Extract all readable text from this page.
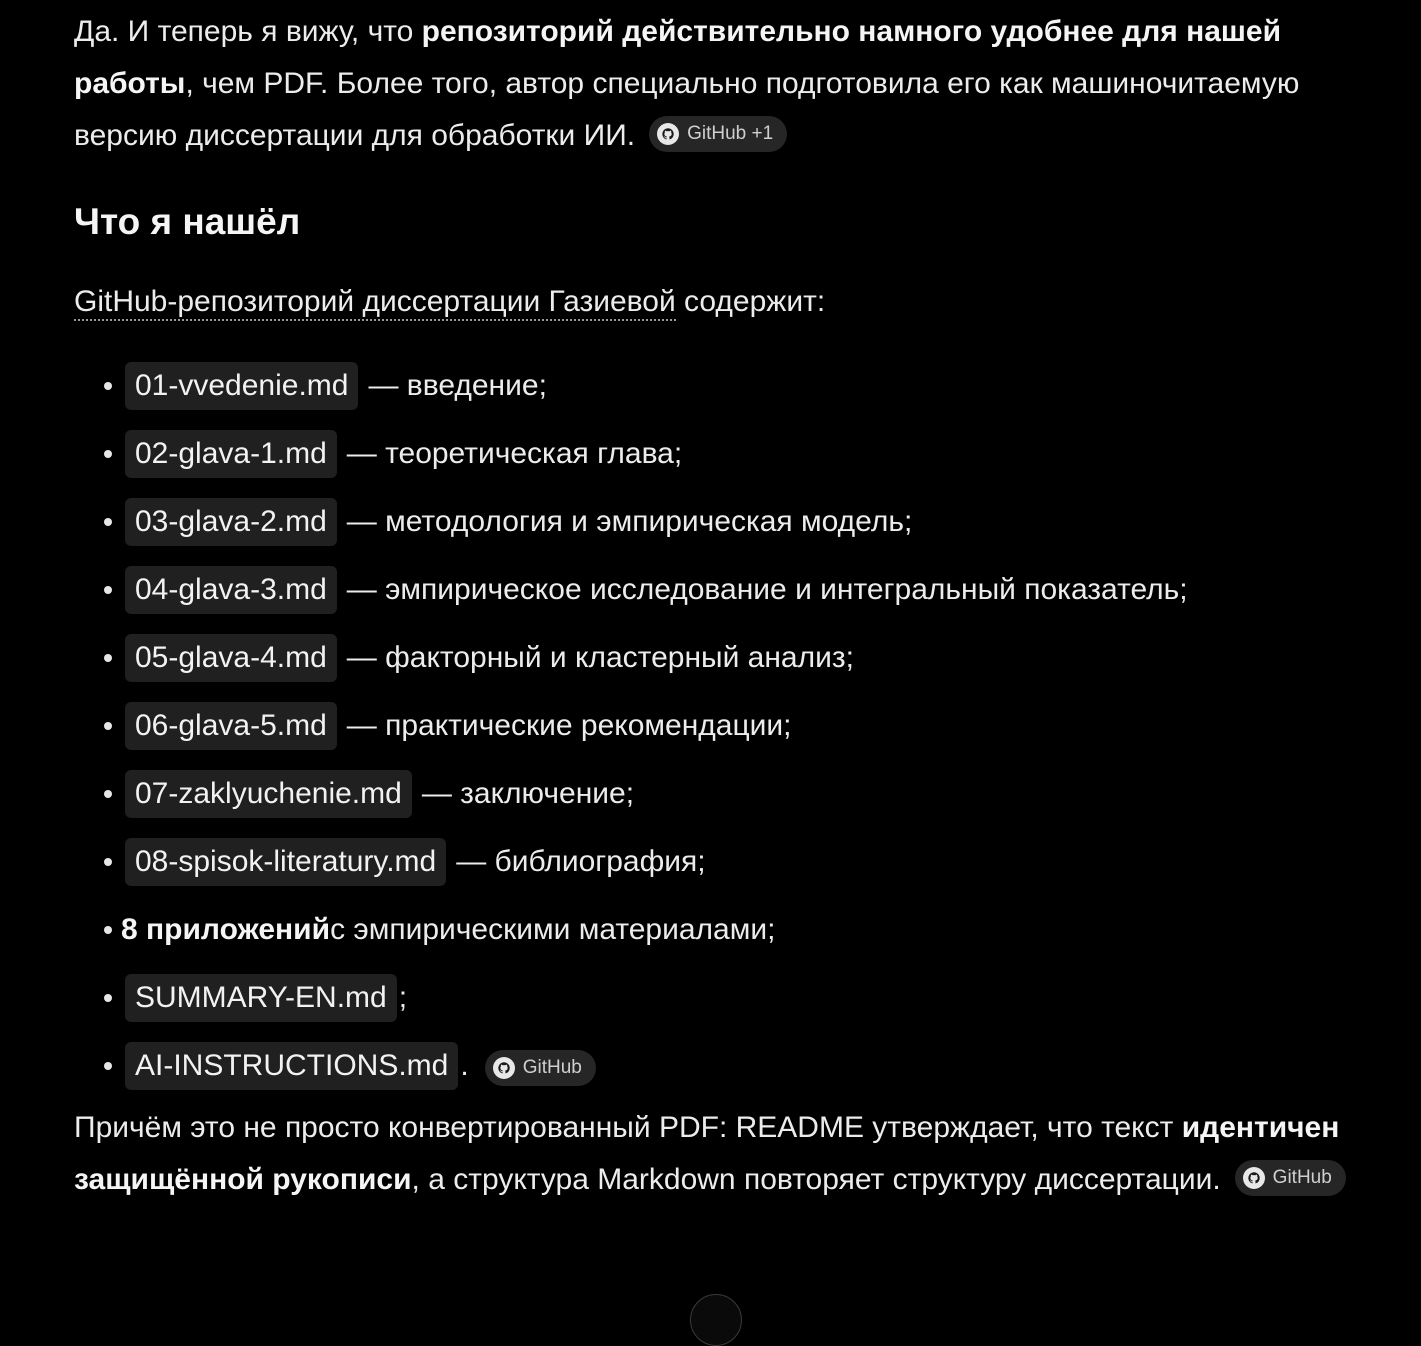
Да. И теперь я вижу, что репозиторий действительно намного удобнее для нашей работы, чем PDF. Более того, автор специально подготовила его как машиночитаемую версию диссертации для обработки ИИ.	GitHub +1

Что я нашёл

GitHub-репозиторий диссертации Газиевой содержит:

01-vvedenie.md — введение;
02-glava-1.md — теоретическая глава;
03-glava-2.md — методология и эмпирическая модель;
04-glava-3.md — эмпирическое исследование и интегральный показатель;
05-glava-4.md — факторный и кластерный анализ;
06-glava-5.md — практические рекомендации;
07-zaklyuchenie.md — заключение;
08-spisok-literatury.md — библиография;
8 приложений с эмпирическими материалами;
SUMMARY-EN.md ;
AI-INSTRUCTIONS.md .	GitHub

Причём это не просто конвертированный PDF: README утверждает, что текст идентичен защищённой рукописи, а структура Markdown повторяет структуру диссертации.	GitHub
